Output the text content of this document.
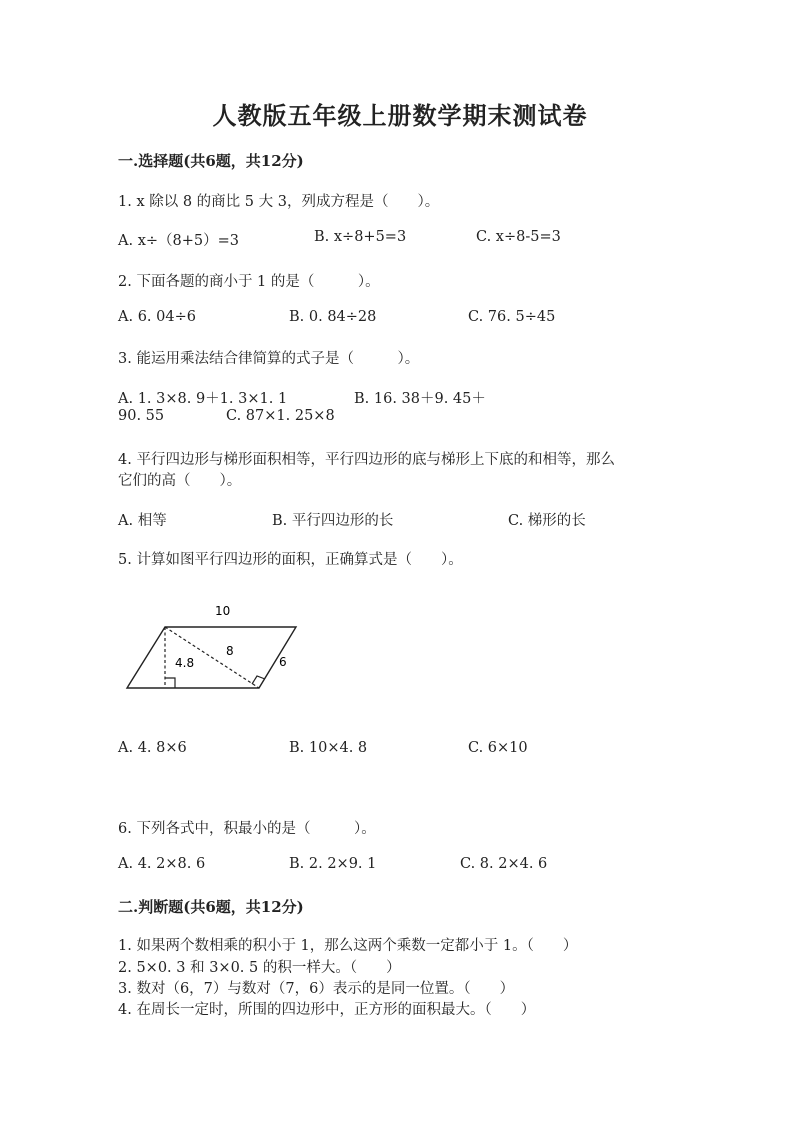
人教版五年级上册数学期末测试卷
一.选择题(共6题，共12分)
1. x 除以 8 的商比 5 大 3，列成方程是（　　）。
A. x÷（8+5）=3	B. x÷8+5=3	C. x÷8-5=3
2. 下面各题的商小于 1 的是（　　　）。
A. 6. 04÷6	B. 0. 84÷28	C. 76. 5÷45
3. 能运用乘法结合律简算的式子是（　　　）。
A. 1. 3×8. 9＋1. 3×1. 1	B. 16. 38＋9. 45＋
90. 55	C. 87×1. 25×8
4. 平行四边形与梯形面积相等，平行四边形的底与梯形上下底的和相等，那么
它们的高（　　）。
A. 相等	B. 平行四边形的长	C. 梯形的长
5. 计算如图平行四边形的面积，正确算式是（　　）。
10
4.8
8
6
A. 4. 8×6	B. 10×4. 8	C. 6×10
6. 下列各式中，积最小的是（　　　）。
A. 4. 2×8. 6	B. 2. 2×9. 1	C. 8. 2×4. 6
二.判断题(共6题，共12分)
1. 如果两个数相乘的积小于 1，那么这两个乘数一定都小于 1。（　　）
2. 5×0. 3 和 3×0. 5 的积一样大。（　　）
3. 数对（6，7）与数对（7，6）表示的是同一位置。（　　）
4. 在周长一定时，所围的四边形中，正方形的面积最大。（　　）
